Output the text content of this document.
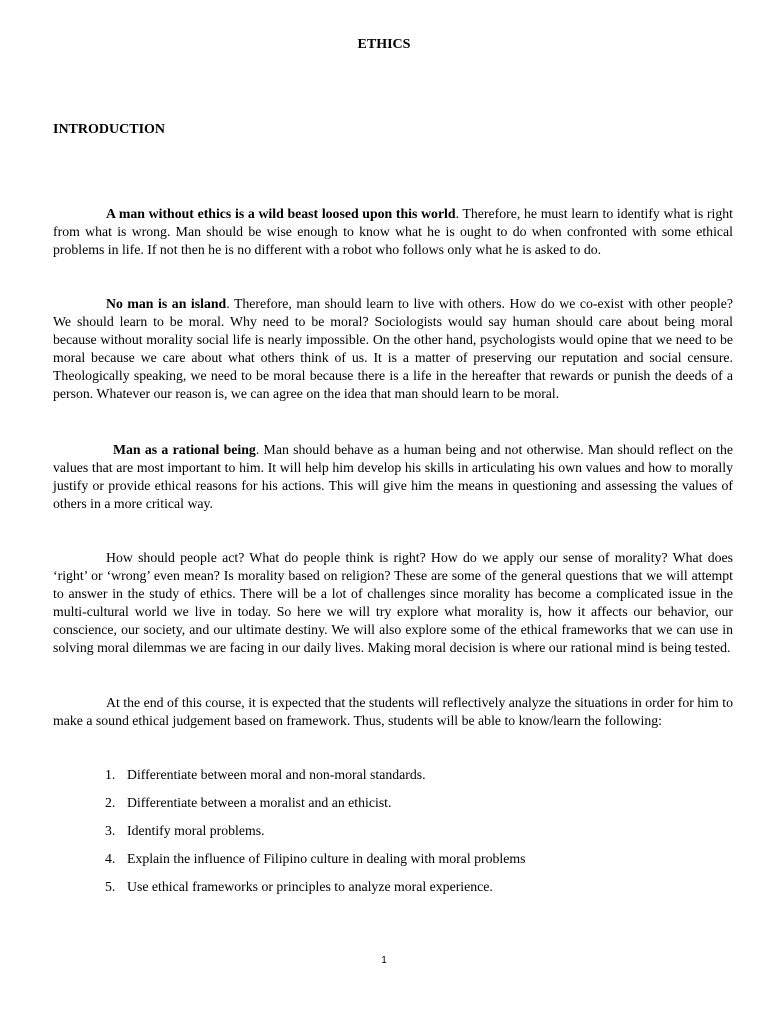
ETHICS
INTRODUCTION

A man without ethics is a wild beast loosed upon this world. Therefore, he must learn to identify what is right from what is wrong. Man should be wise enough to know what he is ought to do when confronted with some ethical problems in life. If not then he is no different with a robot who follows only what he is asked to do.

No man is an island. Therefore, man should learn to live with others. How do we co-exist with other people? We should learn to be moral. Why need to be moral? Sociologists would say human should care about being moral because without morality social life is nearly impossible. On the other hand, psychologists would opine that we need to be moral because we care about what others think of us. It is a matter of preserving our reputation and social censure. Theologically speaking, we need to be moral because there is a life in the hereafter that rewards or punish the deeds of a person. Whatever our reason is, we can agree on the idea that man should learn to be moral.

Man as a rational being. Man should behave as a human being and not otherwise. Man should reflect on the values that are most important to him. It will help him develop his skills in articulating his own values and how to morally justify or provide ethical reasons for his actions. This will give him the means in questioning and assessing the values of others in a more critical way.

How should people act? What do people think is right? How do we apply our sense of morality? What does ‘right’ or ‘wrong’ even mean? Is morality based on religion? These are some of the general questions that we will attempt to answer in the study of ethics. There will be a lot of challenges since morality has become a complicated issue in the multi-cultural world we live in today. So here we will try explore what morality is, how it affects our behavior, our conscience, our society, and our ultimate destiny. We will also explore some of the ethical frameworks that we can use in solving moral dilemmas we are facing in our daily lives. Making moral decision is where our rational mind is being tested.

At the end of this course, it is expected that the students will reflectively analyze the situations in order for him to make a sound ethical judgement based on framework. Thus, students will be able to know/learn the following:

1. Differentiate between moral and non-moral standards.
2. Differentiate between a moralist and an ethicist.
3. Identify moral problems.
4. Explain the influence of Filipino culture in dealing with moral problems
5. Use ethical frameworks or principles to analyze moral experience.
1
